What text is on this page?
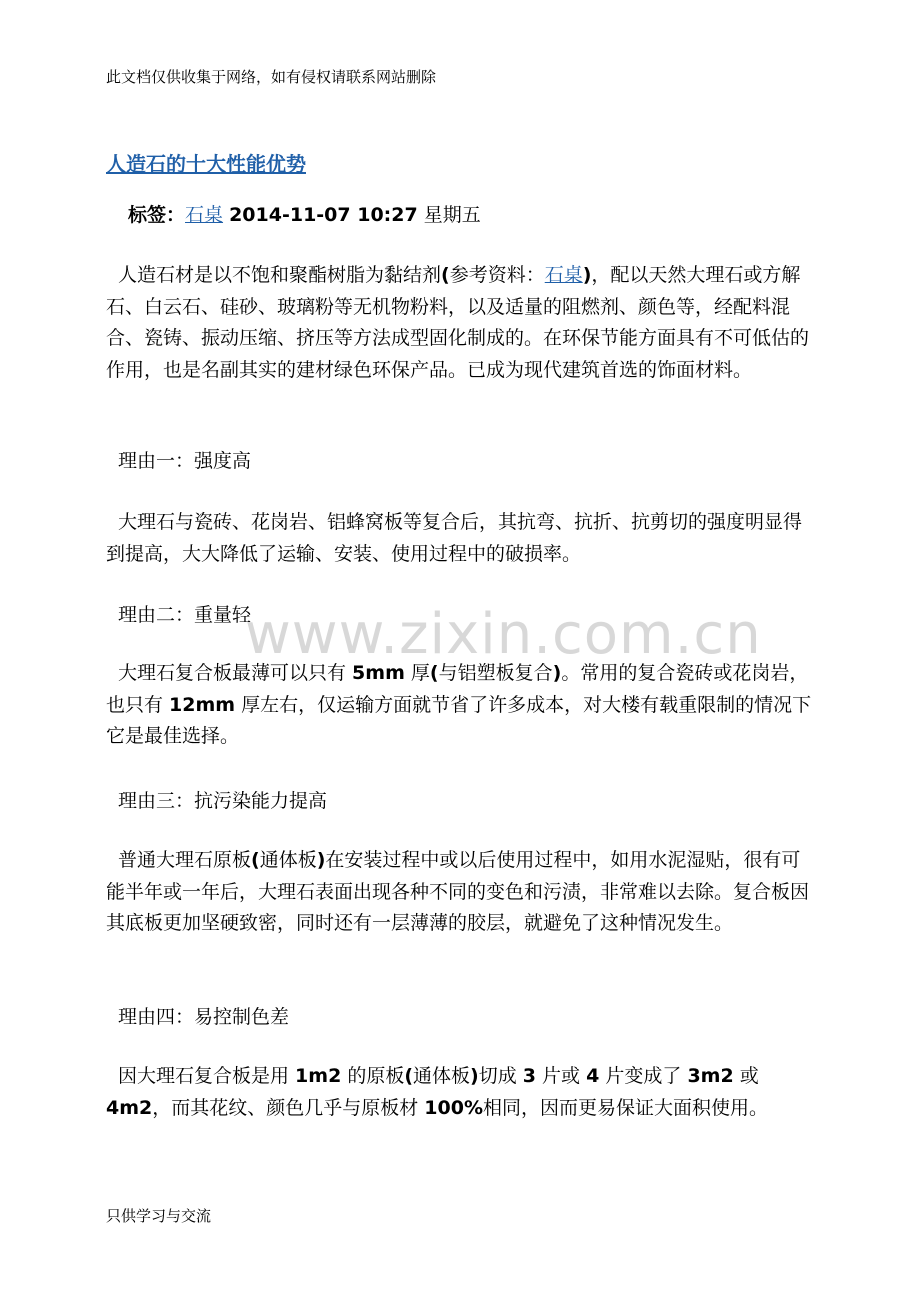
此文档仅供收集于网络，如有侵权请联系网站删除
人造石的十大性能优势
标签：石桌 2014-11-07 10:27 星期五

人造石材是以不饱和聚酯树脂为黏结剂(参考资料：石桌)，配以天然大理石或方解石、白云石、硅砂、玻璃粉等无机物粉料，以及适量的阻燃剂、颜色等，经配料混合、瓷铸、振动压缩、挤压等方法成型固化制成的。在环保节能方面具有不可低估的作用，也是名副其实的建材绿色环保产品。已成为现代建筑首选的饰面材料。

理由一：强度高

大理石与瓷砖、花岗岩、铝蜂窝板等复合后，其抗弯、抗折、抗剪切的强度明显得到提高，大大降低了运输、安装、使用过程中的破损率。

理由二：重量轻

www.zixin.com.cn

大理石复合板最薄可以只有 5mm 厚(与铝塑板复合)。常用的复合瓷砖或花岗岩，也只有 12mm 厚左右，仅运输方面就节省了许多成本，对大楼有载重限制的情况下它是最佳选择。

理由三：抗污染能力提高

普通大理石原板(通体板)在安装过程中或以后使用过程中，如用水泥湿贴，很有可能半年或一年后，大理石表面出现各种不同的变色和污渍，非常难以去除。复合板因其底板更加坚硬致密，同时还有一层薄薄的胶层，就避免了这种情况发生。

理由四：易控制色差

因大理石复合板是用 1m2 的原板(通体板)切成 3 片或 4 片变成了 3m2 或 4m2，而其花纹、颜色几乎与原板材 100%相同，因而更易保证大面积使用。

只供学习与交流
